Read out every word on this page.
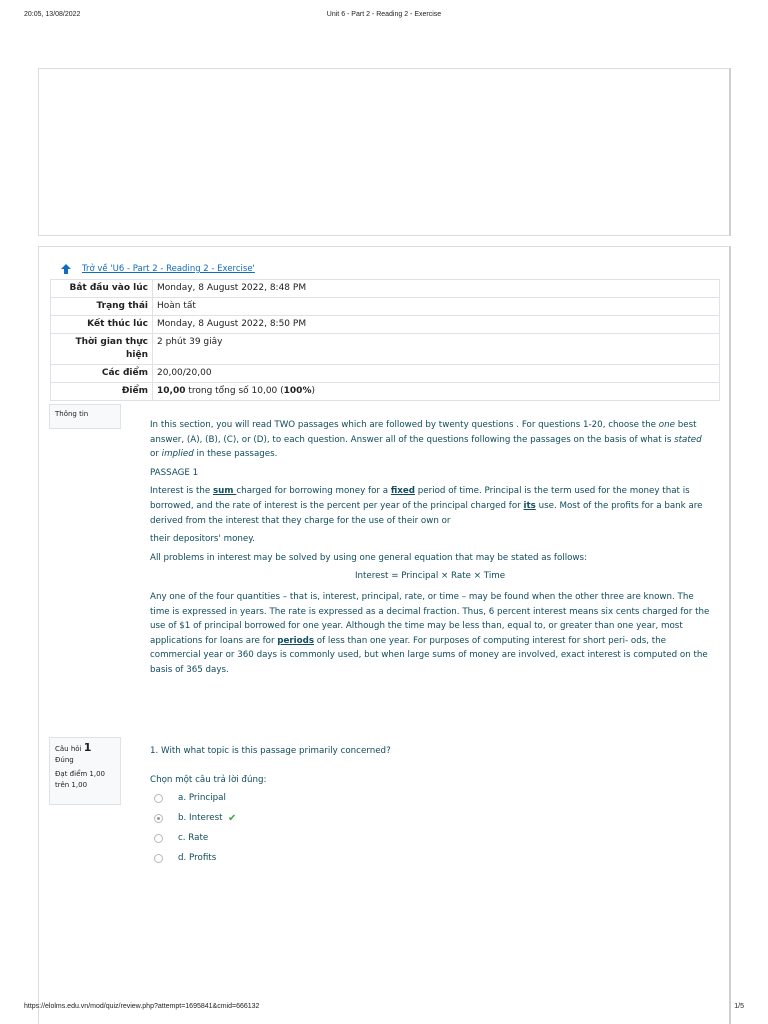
20:05, 13/08/2022	Unit 6 - Part 2 - Reading 2 - Exercise
Trở về 'U6 - Part 2 - Reading 2 - Exercise'
Bắt đầu vào lúc	Monday, 8 August 2022, 8:48 PM
Trạng thái	Hoàn tất
Kết thúc lúc	Monday, 8 August 2022, 8:50 PM
Thời gian thực hiện	2 phút 39 giây
Các điểm	20,00/20,00
Điểm	10,00 trong tổng số 10,00 (100%)
Thông tin

In this section, you will read TWO passages which are followed by twenty questions . For questions 1-20, choose the one best answer, (A), (B), (C), or (D), to each question. Answer all of the questions following the passages on the basis of what is stated or implied in these passages.

PASSAGE 1

Interest is the sum charged for borrowing money for a fixed period of time. Principal is the term used for the money that is borrowed, and the rate of interest is the percent per year of the principal charged for its use. Most of the profits for a bank are derived from the interest that they charge for the use of their own or

their depositors' money.

All problems in interest may be solved by using one general equation that may be stated as follows:

Interest = Principal × Rate × Time

Any one of the four quantities – that is, interest, principal, rate, or time – may be found when the other three are known. The time is expressed in years. The rate is expressed as a decimal fraction. Thus, 6 percent interest means six cents charged for the use of $1 of principal borrowed for one year. Although the time may be less than, equal to, or greater than one year, most applications for loans are for periods of less than one year. For purposes of computing interest for short peri- ods, the commercial year or 360 days is commonly used, but when large sums of money are involved, exact interest is computed on the basis of 365 days.

Câu hỏi 1
Đúng
Đạt điểm 1,00 trên 1,00
1. With what topic is this passage primarily concerned?
Chọn một câu trả lời đúng:
a. Principal
b. Interest ✔
c. Rate
d. Profits
https://elolms.edu.vn/mod/quiz/review.php?attempt=1695841&cmid=666132	1/5
